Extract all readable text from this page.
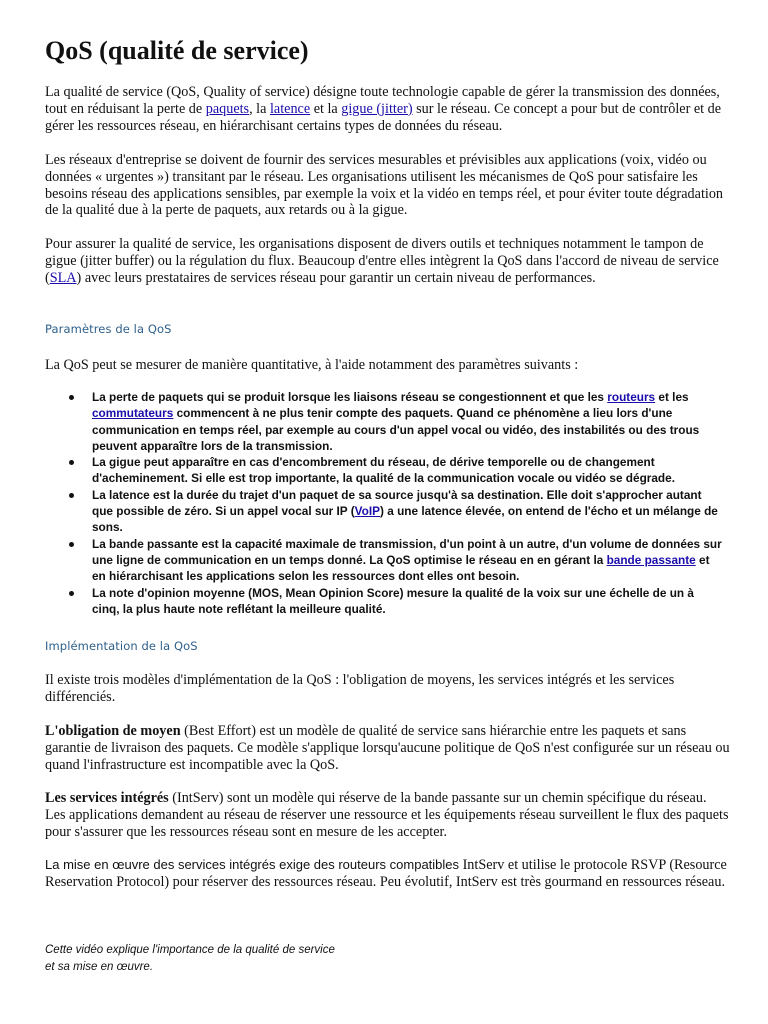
QoS (qualité de service)

La qualité de service (QoS, Quality of service) désigne toute technologie capable de gérer la transmission des données, tout en réduisant la perte de paquets, la latence et la gigue (jitter) sur le réseau. Ce concept a pour but de contrôler et de gérer les ressources réseau, en hiérarchisant certains types de données du réseau.

Les réseaux d'entreprise se doivent de fournir des services mesurables et prévisibles aux applications (voix, vidéo ou données « urgentes ») transitant par le réseau. Les organisations utilisent les mécanismes de QoS pour satisfaire les besoins réseau des applications sensibles, par exemple la voix et la vidéo en temps réel, et pour éviter toute dégradation de la qualité due à la perte de paquets, aux retards ou à la gigue.

Pour assurer la qualité de service, les organisations disposent de divers outils et techniques notamment le tampon de gigue (jitter buffer) ou la régulation du flux. Beaucoup d'entre elles intègrent la QoS dans l'accord de niveau de service (SLA) avec leurs prestataires de services réseau pour garantir un certain niveau de performances.

Paramètres de la QoS

La QoS peut se mesurer de manière quantitative, à l'aide notamment des paramètres suivants :

La perte de paquets qui se produit lorsque les liaisons réseau se congestionnent et que les routeurs et les commutateurs commencent à ne plus tenir compte des paquets. Quand ce phénomène a lieu lors d'une communication en temps réel, par exemple au cours d'un appel vocal ou vidéo, des instabilités ou des trous peuvent apparaître lors de la transmission.
La gigue peut apparaître en cas d'encombrement du réseau, de dérive temporelle ou de changement d'acheminement. Si elle est trop importante, la qualité de la communication vocale ou vidéo se dégrade.
La latence est la durée du trajet d'un paquet de sa source jusqu'à sa destination. Elle doit s'approcher autant que possible de zéro. Si un appel vocal sur IP (VoIP) a une latence élevée, on entend de l'écho et un mélange de sons.
La bande passante est la capacité maximale de transmission, d'un point à un autre, d'un volume de données sur une ligne de communication en un temps donné. La QoS optimise le réseau en en gérant la bande passante et en hiérarchisant les applications selon les ressources dont elles ont besoin.
La note d'opinion moyenne (MOS, Mean Opinion Score) mesure la qualité de la voix sur une échelle de un à cinq, la plus haute note reflétant la meilleure qualité.
Implémentation de la QoS

Il existe trois modèles d'implémentation de la QoS : l'obligation de moyens, les services intégrés et les services différenciés.

L'obligation de moyen (Best Effort) est un modèle de qualité de service sans hiérarchie entre les paquets et sans garantie de livraison des paquets. Ce modèle s'applique lorsqu'aucune politique de QoS n'est configurée sur un réseau ou quand l'infrastructure est incompatible avec la QoS.

Les services intégrés (IntServ) sont un modèle qui réserve de la bande passante sur un chemin spécifique du réseau. Les applications demandent au réseau de réserver une ressource et les équipements réseau surveillent le flux des paquets pour s'assurer que les ressources réseau sont en mesure de les accepter.

La mise en œuvre des services intégrés exige des routeurs compatibles IntServ et utilise le protocole RSVP (Resource Reservation Protocol) pour réserver des ressources réseau. Peu évolutif, IntServ est très gourmand en ressources réseau.

Cette vidéo explique l'importance de la qualité de service et sa mise en œuvre.
